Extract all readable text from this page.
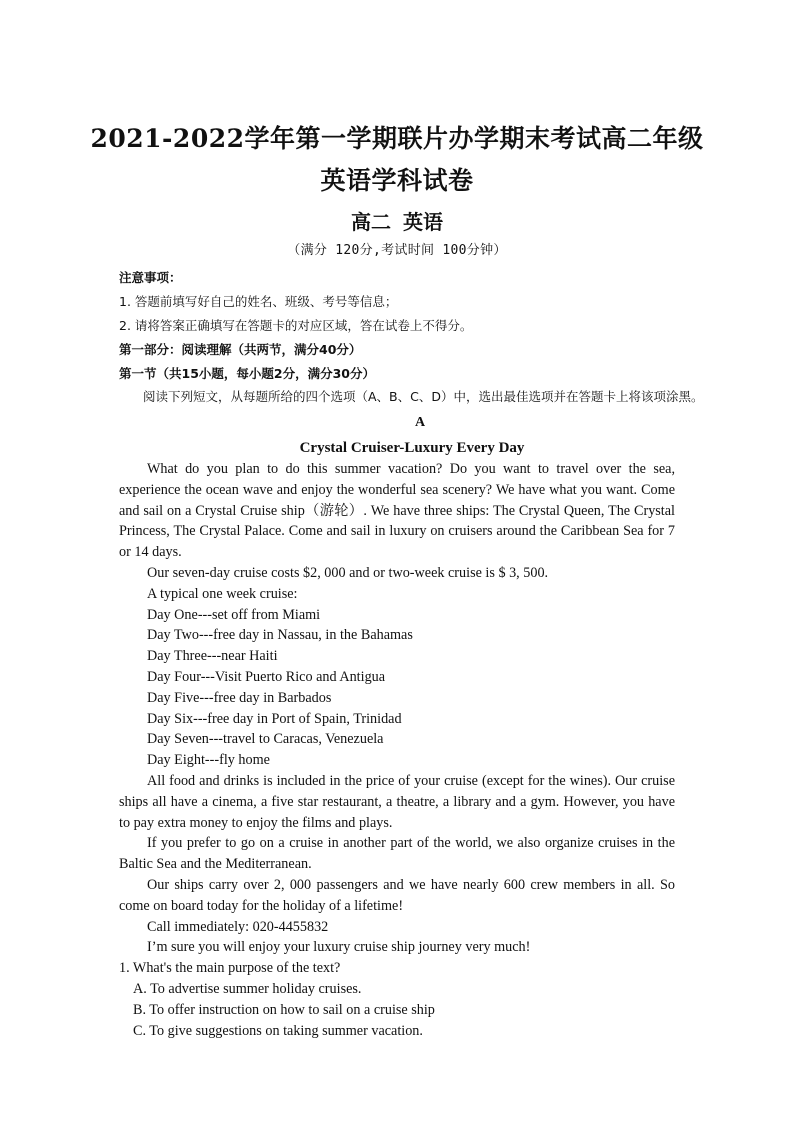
2021-2022学年第一学期联片办学期末考试高二年级
英语学科试卷
高二 英语
（满分 120分,考试时间 100分钟）
注意事项：
1. 答题前填写好自己的姓名、班级、考号等信息；
2. 请将答案正确填写在答题卡的对应区域，答在试卷上不得分。
第一部分：阅读理解（共两节，满分40分）
第一节（共15小题，每小题2分，满分30分）
阅读下列短文，从每题所给的四个选项（A、B、C、D）中，选出最佳选项并在答题卡上将该项涂黑。
A
Crystal Cruiser-Luxury Every Day

What do you plan to do this summer vacation? Do you want to travel over the sea, experience the ocean wave and enjoy the wonderful sea scenery? We have what you want. Come and sail on a Crystal Cruise ship（游轮）. We have three ships: The Crystal Queen, The Crystal Princess, The Crystal Palace. Come and sail in luxury on cruisers around the Caribbean Sea for 7 or 14 days.

Our seven-day cruise costs $2, 000 and or two-week cruise is $ 3, 500.

A typical one week cruise:

Day One---set off from Miami

Day Two---free day in Nassau, in the Bahamas

Day Three---near Haiti

Day Four---Visit Puerto Rico and Antigua

Day Five---free day in Barbados

Day Six---free day in Port of Spain, Trinidad

Day Seven---travel to Caracas, Venezuela

Day Eight---fly home

All food and drinks is included in the price of your cruise (except for the wines). Our cruise ships all have a cinema, a five star restaurant, a theatre, a library and a gym. However, you have to pay extra money to enjoy the films and plays.

If you prefer to go on a cruise in another part of the world, we also organize cruises in the Baltic Sea and the Mediterranean.

Our ships carry over 2, 000 passengers and we have nearly 600 crew members in all. So come on board today for the holiday of a lifetime!

Call immediately: 020-4455832

I’m sure you will enjoy your luxury cruise ship journey very much!

1. What's the main purpose of the text?

A. To advertise summer holiday cruises.

B. To offer instruction on how to sail on a cruise ship

C. To give suggestions on taking summer vacation.
